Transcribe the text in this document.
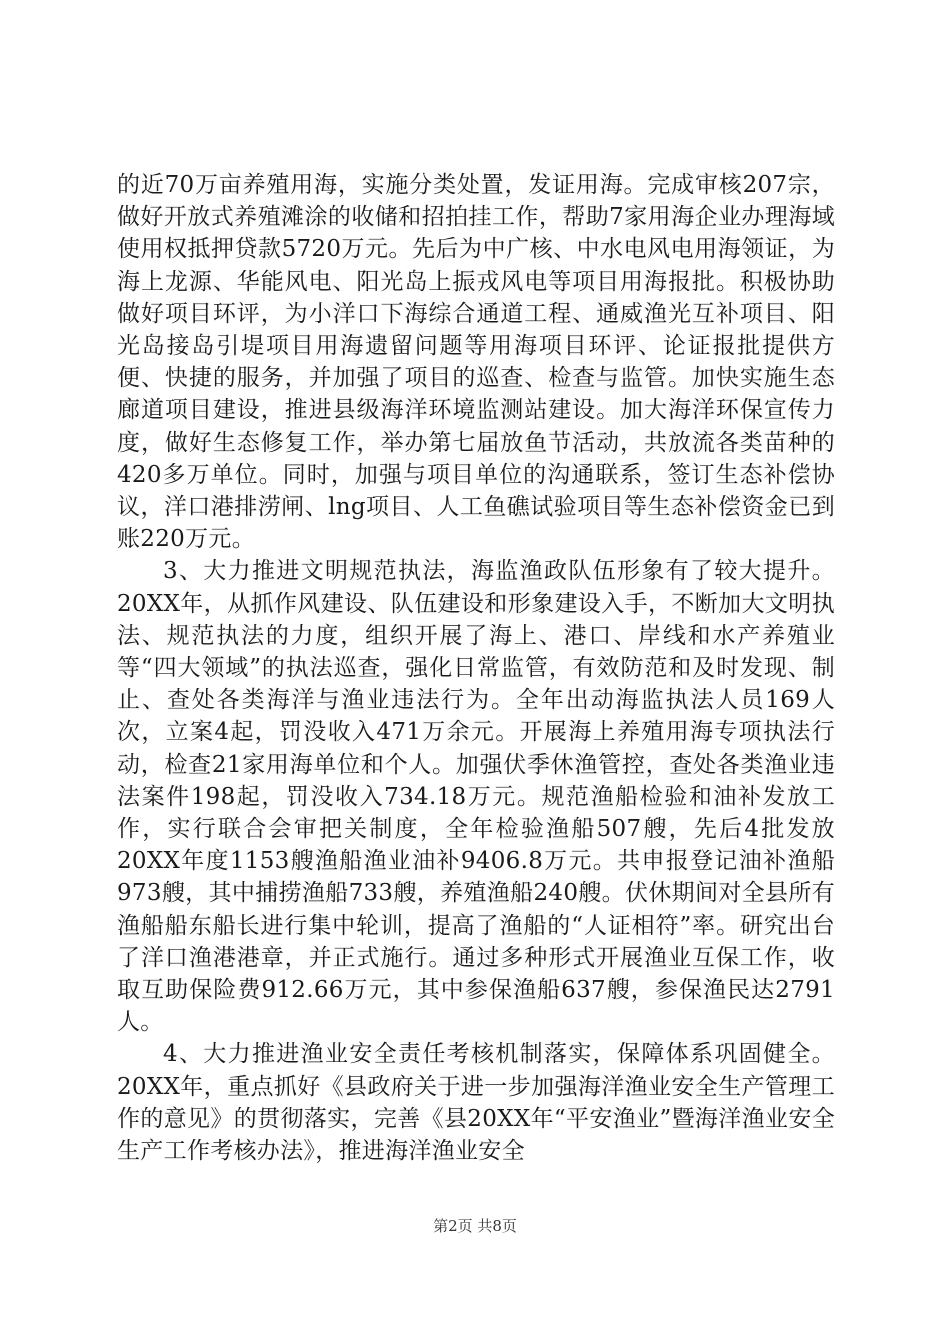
的近70万亩养殖用海，实施分类处置，发证用海。完成审核207宗，做好开放式养殖滩涂的收储和招拍挂工作，帮助7家用海企业办理海域使用权抵押贷款5720万元。先后为中广核、中水电风电用海领证，为海上龙源、华能风电、阳光岛上振戎风电等项目用海报批。积极协助做好项目环评，为小洋口下海综合通道工程、通威渔光互补项目、阳光岛接岛引堤项目用海遗留问题等用海项目环评、论证报批提供方便、快捷的服务，并加强了项目的巡查、检查与监管。加快实施生态廊道项目建设，推进县级海洋环境监测站建设。加大海洋环保宣传力度，做好生态修复工作，举办第七届放鱼节活动，共放流各类苗种的420多万单位。同时，加强与项目单位的沟通联系，签订生态补偿协议，洋口港排涝闸、lng项目、人工鱼礁试验项目等生态补偿资金已到账220万元。

3、大力推进文明规范执法，海监渔政队伍形象有了较大提升。20XX年，从抓作风建设、队伍建设和形象建设入手，不断加大文明执法、规范执法的力度，组织开展了海上、港口、岸线和水产养殖业等“四大领域”的执法巡查，强化日常监管，有效防范和及时发现、制止、查处各类海洋与渔业违法行为。全年出动海监执法人员169人次，立案4起，罚没收入471万余元。开展海上养殖用海专项执法行动，检查21家用海单位和个人。加强伏季休渔管控，查处各类渔业违法案件198起，罚没收入734.18万元。规范渔船检验和油补发放工作，实行联合会审把关制度，全年检验渔船507艘，先后4批发放20XX年度1153艘渔船渔业油补9406.8万元。共申报登记油补渔船973艘，其中捕捞渔船733艘，养殖渔船240艘。伏休期间对全县所有渔船船东船长进行集中轮训，提高了渔船的“人证相符”率。研究出台了洋口渔港港章，并正式施行。通过多种形式开展渔业互保工作，收取互助保险费912.66万元，其中参保渔船637艘，参保渔民达2791人。

4、大力推进渔业安全责任考核机制落实，保障体系巩固健全。20XX年，重点抓好《县政府关于进一步加强海洋渔业安全生产管理工作的意见》的贯彻落实，完善《县20XX年“平安渔业”暨海洋渔业安全生产工作考核办法》，推进海洋渔业安全

第2页 共8页
